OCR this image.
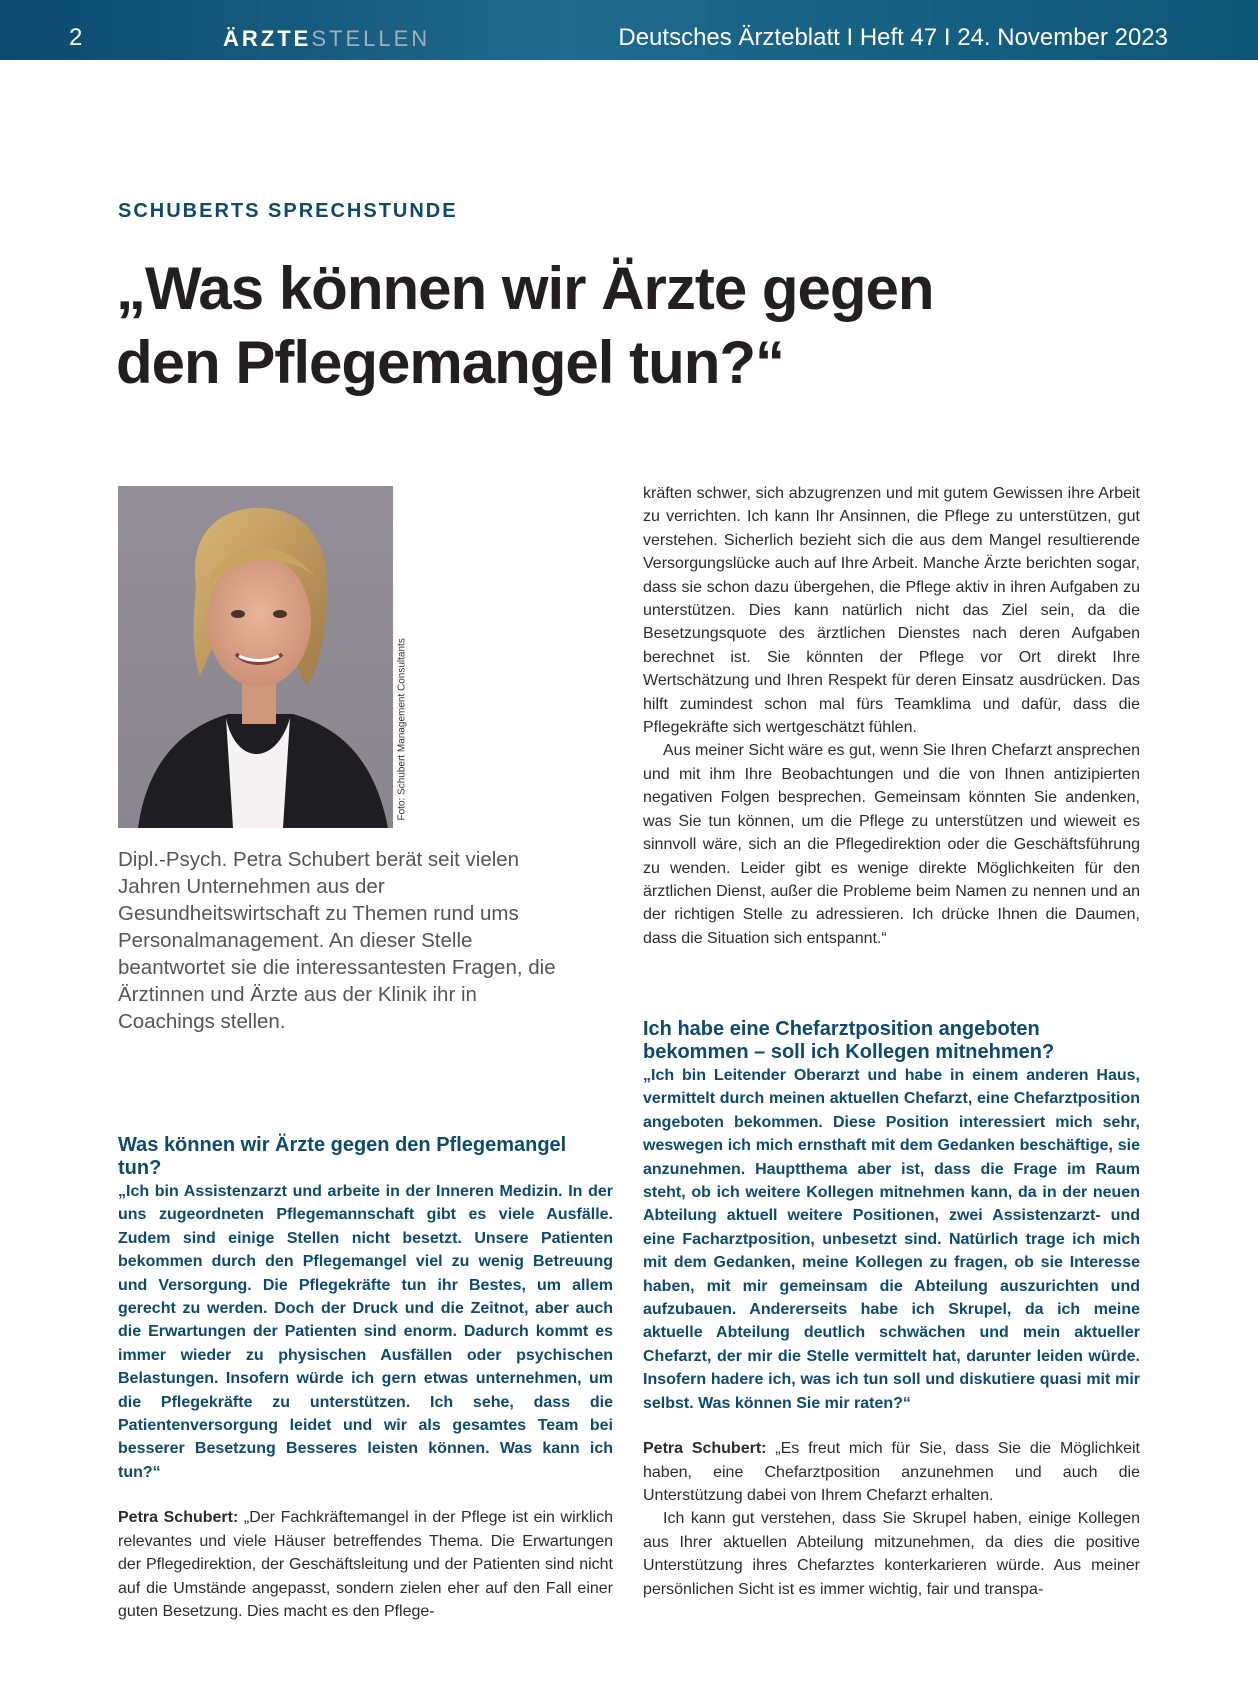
2	ÄRZTESTELLEN	Deutsches Ärzteblatt I Heft 47 I 24. November 2023
SCHUBERTS SPRECHSTUNDE
„Was können wir Ärzte gegen
den Pflegemangel tun?“
Foto: Schubert Management Consultants
Dipl.-Psych. Petra Schubert berät seit vielen Jahren Unternehmen aus der Gesundheitswirtschaft zu Themen rund ums Personalmanagement. An dieser Stelle beantwortet sie die interessantesten Fragen, die Ärztinnen und Ärzte aus der Klinik ihr in Coachings stellen.

Was können wir Ärzte gegen den Pflegemangel tun?

„Ich bin Assistenzarzt und arbeite in der Inneren Medizin. In der uns zugeordneten Pflegemannschaft gibt es viele Ausfälle. Zudem sind einige Stellen nicht besetzt. Unsere Patienten bekommen durch den Pflegemangel viel zu wenig Betreuung und Versorgung. Die Pflegekräfte tun ihr Bestes, um allem gerecht zu werden. Doch der Druck und die Zeitnot, aber auch die Erwartungen der Patienten sind enorm. Dadurch kommt es immer wieder zu physischen Ausfällen oder psychischen Belastungen. Insofern würde ich gern etwas unternehmen, um die Pflegekräfte zu unterstützen. Ich sehe, dass die Patientenversorgung leidet und wir als gesamtes Team bei besserer Besetzung Besseres leisten können. Was kann ich tun?“

Petra Schubert: „Der Fachkräftemangel in der Pflege ist ein wirklich relevantes und viele Häuser betreffendes Thema. Die Erwartungen der Pflegedirektion, der Geschäftsleitung und der Patienten sind nicht auf die Umstände angepasst, sondern zielen eher auf den Fall einer guten Besetzung. Dies macht es den Pflege-

kräften schwer, sich abzugrenzen und mit gutem Gewissen ihre Arbeit zu verrichten. Ich kann Ihr Ansinnen, die Pflege zu unterstützen, gut verstehen. Sicherlich bezieht sich die aus dem Mangel resultierende Versorgungslücke auch auf Ihre Arbeit. Manche Ärzte berichten sogar, dass sie schon dazu übergehen, die Pflege aktiv in ihren Aufgaben zu unterstützen. Dies kann natürlich nicht das Ziel sein, da die Besetzungsquote des ärztlichen Dienstes nach deren Aufgaben berechnet ist. Sie könnten der Pflege vor Ort direkt Ihre Wertschätzung und Ihren Respekt für deren Einsatz ausdrücken. Das hilft zumindest schon mal fürs Teamklima und dafür, dass die Pflegekräfte sich wertgeschätzt fühlen.

Aus meiner Sicht wäre es gut, wenn Sie Ihren Chefarzt ansprechen und mit ihm Ihre Beobachtungen und die von Ihnen antizipierten negativen Folgen besprechen. Gemeinsam könnten Sie andenken, was Sie tun können, um die Pflege zu unterstützen und wieweit es sinnvoll wäre, sich an die Pflegedirektion oder die Geschäftsführung zu wenden. Leider gibt es wenige direkte Möglichkeiten für den ärztlichen Dienst, außer die Probleme beim Namen zu nennen und an der richtigen Stelle zu adressieren. Ich drücke Ihnen die Daumen, dass die Situation sich entspannt.“

Ich habe eine Chefarztposition angeboten bekommen – soll ich Kollegen mitnehmen?

„Ich bin Leitender Oberarzt und habe in einem anderen Haus, vermittelt durch meinen aktuellen Chefarzt, eine Chefarztposition angeboten bekommen. Diese Position interessiert mich sehr, weswegen ich mich ernsthaft mit dem Gedanken beschäftige, sie anzunehmen. Hauptthema aber ist, dass die Frage im Raum steht, ob ich weitere Kollegen mitnehmen kann, da in der neuen Abteilung aktuell weitere Positionen, zwei Assistenzarzt- und eine Facharztposition, unbesetzt sind. Natürlich trage ich mich mit dem Gedanken, meine Kollegen zu fragen, ob sie Interesse haben, mit mir gemeinsam die Abteilung auszurichten und aufzubauen. Andererseits habe ich Skrupel, da ich meine aktuelle Abteilung deutlich schwächen und mein aktueller Chefarzt, der mir die Stelle vermittelt hat, darunter leiden würde. Insofern hadere ich, was ich tun soll und diskutiere quasi mit mir selbst. Was können Sie mir raten?“

Petra Schubert: „Es freut mich für Sie, dass Sie die Möglichkeit haben, eine Chefarztposition anzunehmen und auch die Unterstützung dabei von Ihrem Chefarzt erhalten.

Ich kann gut verstehen, dass Sie Skrupel haben, einige Kollegen aus Ihrer aktuellen Abteilung mitzunehmen, da dies die positive Unterstützung ihres Chefarztes konterkarieren würde. Aus meiner persönlichen Sicht ist es immer wichtig, fair und transpa-
